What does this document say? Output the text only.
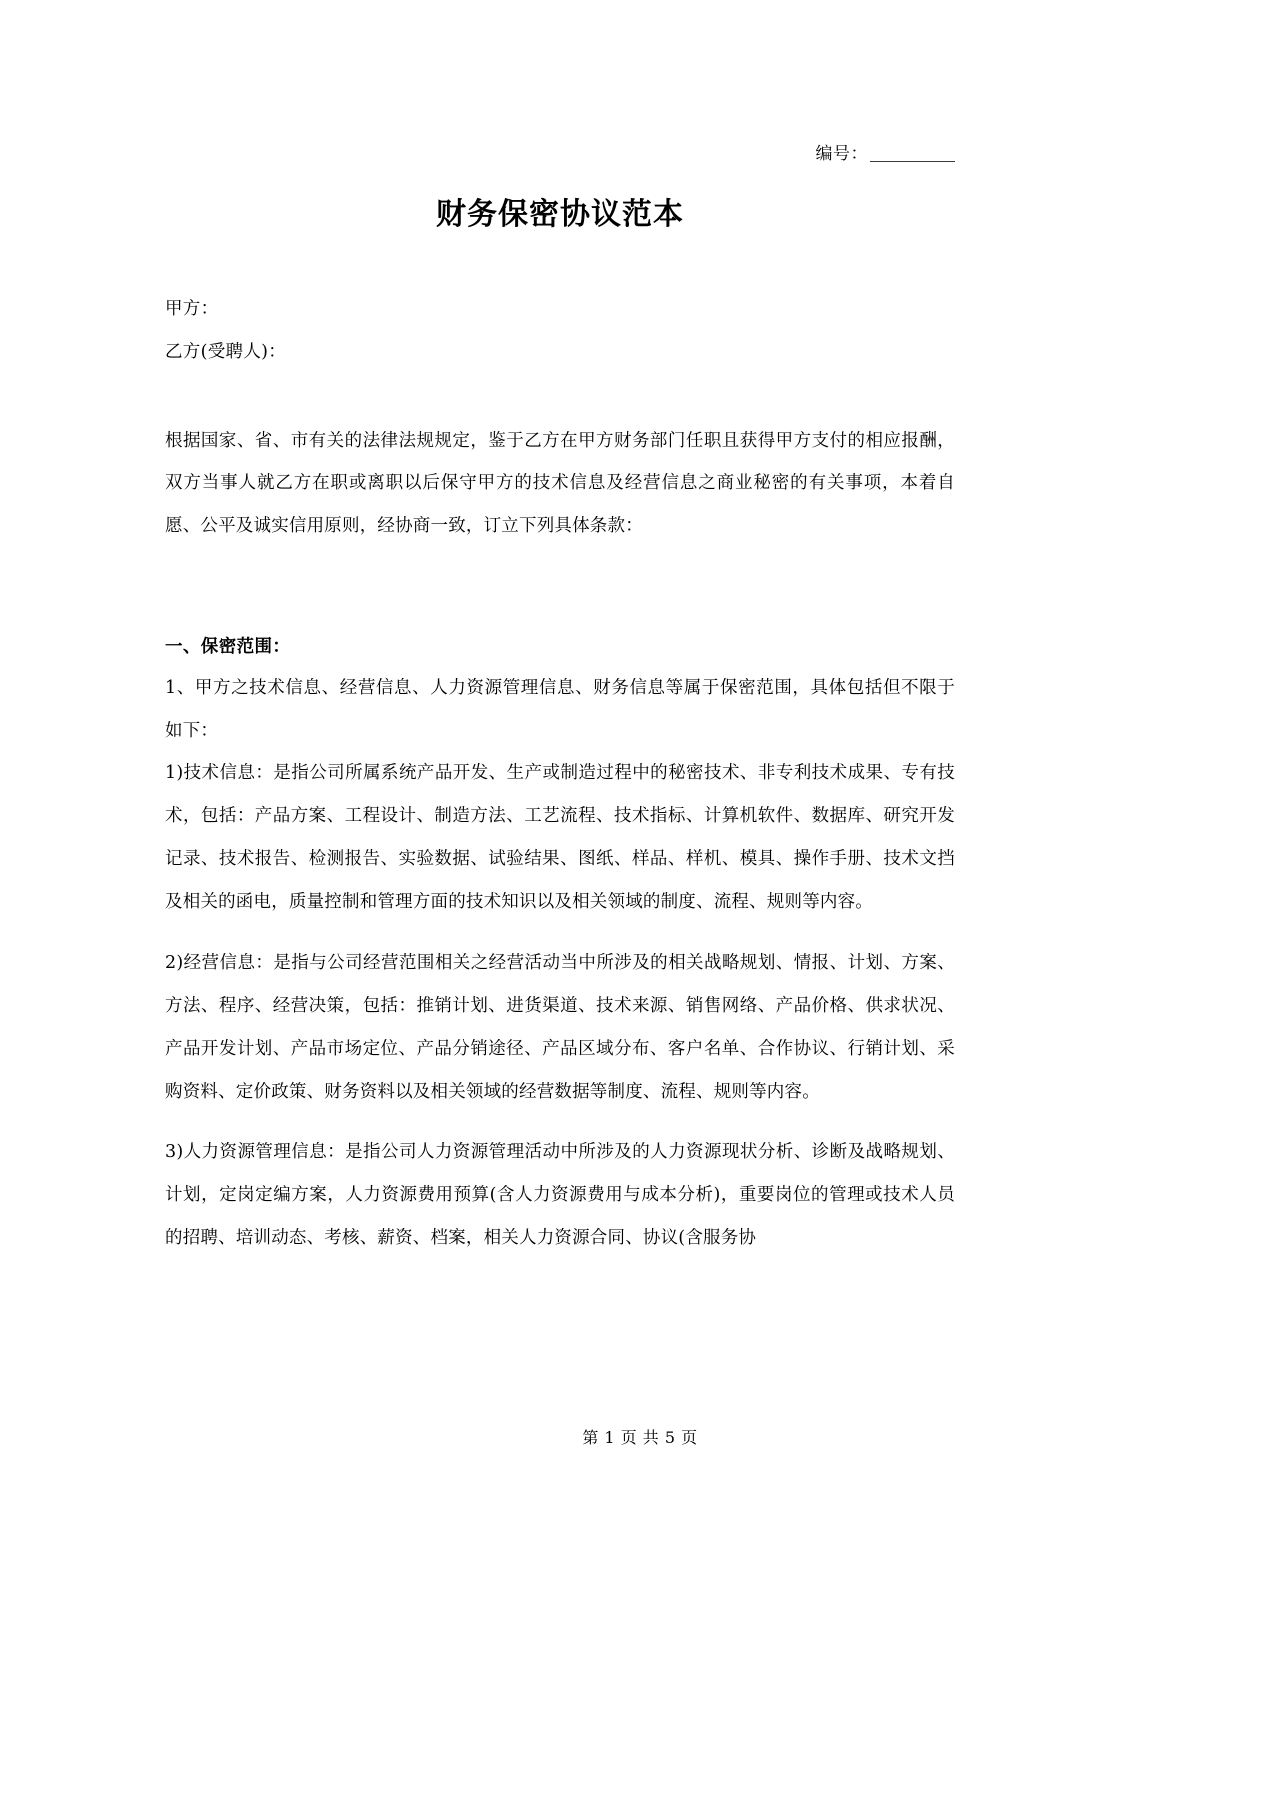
编号：
财务保密协议范本
甲方：
乙方(受聘人)：
根据国家、省、市有关的法律法规规定，鉴于乙方在甲方财务部门任职且获得甲方支付的相应报酬，双方当事人就乙方在职或离职以后保守甲方的技术信息及经营信息之商业秘密的有关事项，本着自愿、公平及诚实信用原则，经协商一致，订立下列具体条款：
一、保密范围：
1、甲方之技术信息、经营信息、人力资源管理信息、财务信息等属于保密范围，具体包括但不限于如下：
1)技术信息：是指公司所属系统产品开发、生产或制造过程中的秘密技术、非专利技术成果、专有技术，包括：产品方案、工程设计、制造方法、工艺流程、技术指标、计算机软件、数据库、研究开发记录、技术报告、检测报告、实验数据、试验结果、图纸、样品、样机、模具、操作手册、技术文挡及相关的函电，质量控制和管理方面的技术知识以及相关领域的制度、流程、规则等内容。
2)经营信息：是指与公司经营范围相关之经营活动当中所涉及的相关战略规划、情报、计划、方案、方法、程序、经营决策，包括：推销计划、进货渠道、技术来源、销售网络、产品价格、供求状况、产品开发计划、产品市场定位、产品分销途径、产品区域分布、客户名单、合作协议、行销计划、采购资料、定价政策、财务资料以及相关领域的经营数据等制度、流程、规则等内容。
3)人力资源管理信息：是指公司人力资源管理活动中所涉及的人力资源现状分析、诊断及战略规划、计划，定岗定编方案，人力资源费用预算(含人力资源费用与成本分析)，重要岗位的管理或技术人员的招聘、培训动态、考核、薪资、档案，相关人力资源合同、协议(含服务协
第 1 页 共 5 页
